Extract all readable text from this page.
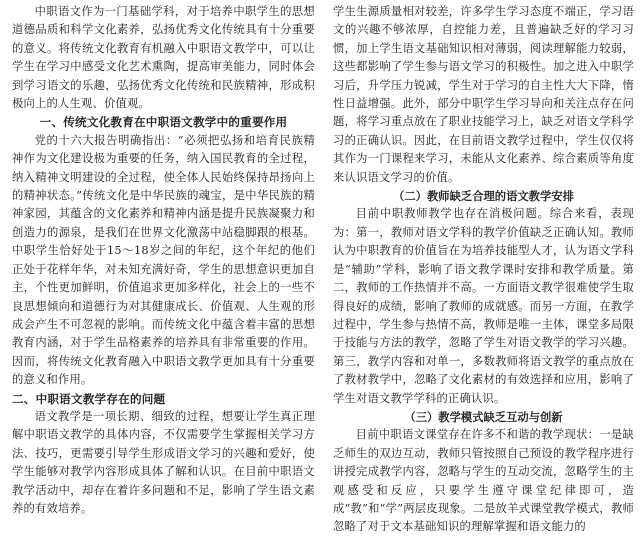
中职语文作为一门基础学科，对于培养中职学生的思想道德品质和科学文化素养，弘扬优秀文化传统具有十分重要的意义。将传统文化教育有机融入中职语文教学中，可以让学生在学习中感受文化艺术熏陶，提高审美能力，同时体会到学习语文的乐趣，弘扬优秀文化传统和民族精神，形成积极向上的人生观、价值观。

一、传统文化教育在中职语文教学中的重要作用

党的十六大报告明确指出：“必须把弘扬和培育民族精神作为文化建设极为重要的任务，纳入国民教育的全过程，纳入精神文明建设的全过程，使全体人民始终保持昂扬向上的精神状态。”传统文化是中华民族的魂宝，是中华民族的精神家园，其蕴含的文化素养和精神内涵是提升民族凝聚力和创造力的源泉，是我们在世界文化激荡中站稳脚跟的根基。中职学生恰好处于15～18岁之间的年纪，这个年纪的他们正处于花样年华，对未知充满好奇，学生的思想意识更加自主，个性更加鲜明，价值追求更加多样化，社会上的一些不良思想倾向和道德行为对其健康成长、价值观、人生观的形成会产生不可忽视的影响。而传统文化中蕴含着丰富的思想教育内涵，对于学生品格素养的培养具有非常重要的作用。因而，将传统文化教育融入中职语文教学更加具有十分重要的意义和作用。

二、中职语文教学存在的问题

语文教学是一项长期、细致的过程，想要让学生真正理解中职语文教学的具体内容，不仅需要学生掌握相关学习方法、技巧，更需要引导学生形成语文学习的兴趣和爱好，使学生能够对教学内容形成具体了解和认识。在目前中职语文教学活动中，却存在着许多问题和不足，影响了学生语文素养的有效培养。

学生生源质量相对较差，许多学生学习态度不端正，学习语文的兴趣不够浓厚，自控能力差，且普遍缺乏好的学习习惯，加上学生语文基础知识相对薄弱，阅读理解能力较弱，这些都影响了学生参与语文学习的积极性。加之进入中职学习后，升学压力锐减，学生对于学习的自主性大大下降，惰性日益增强。此外，部分中职学生学习导向和关注点存在问题，将学习重点放在了职业技能学习上，缺乏对语文学科学习的正确认识。因此，在目前语文教学过程中，学生仅仅将其作为一门课程来学习，未能从文化素养、综合素质等角度来认识语文学习的价值。

（二）教师缺乏合理的语文教学安排

目前中职教师教学也存在消极问题。综合来看，表现为：第一，教师对语文学科的教学价值缺乏正确认知。教师认为中职教育的价值旨在为培养技能型人才，认为语文学科是“辅助”学科，影响了语文教学课时安排和教学质量。第二，教师的工作热情并不高。一方面语文教学很难使学生取得良好的成绩，影响了教师的成就感。而另一方面，在教学过程中，学生参与热情不高，教师是唯一主体，课堂多局限于技能与方法的教学，忽略了学生对语文教学的学习兴趣。第三，教学内容和对单一，多数教师将语文教学的重点放在了教材教学中，忽略了文化素材的有效选择和应用，影响了学生对语文教学学科的正确认识。

（三）教学模式缺乏互动与创新

目前中职语文课堂存在许多不和谐的教学现状：一是缺乏师生的双边互动，教师只管按照自己预设的教学程序进行讲授完成教学内容，忽略与学生的互动交流，忽略学生的主观感受和反应，只要学生遵守课堂纪律即可，造成“教”和“学”两层皮现象。二是放羊式课堂教学模式，教师忽略了对于文本基础知识的理解掌握和语文能力的
